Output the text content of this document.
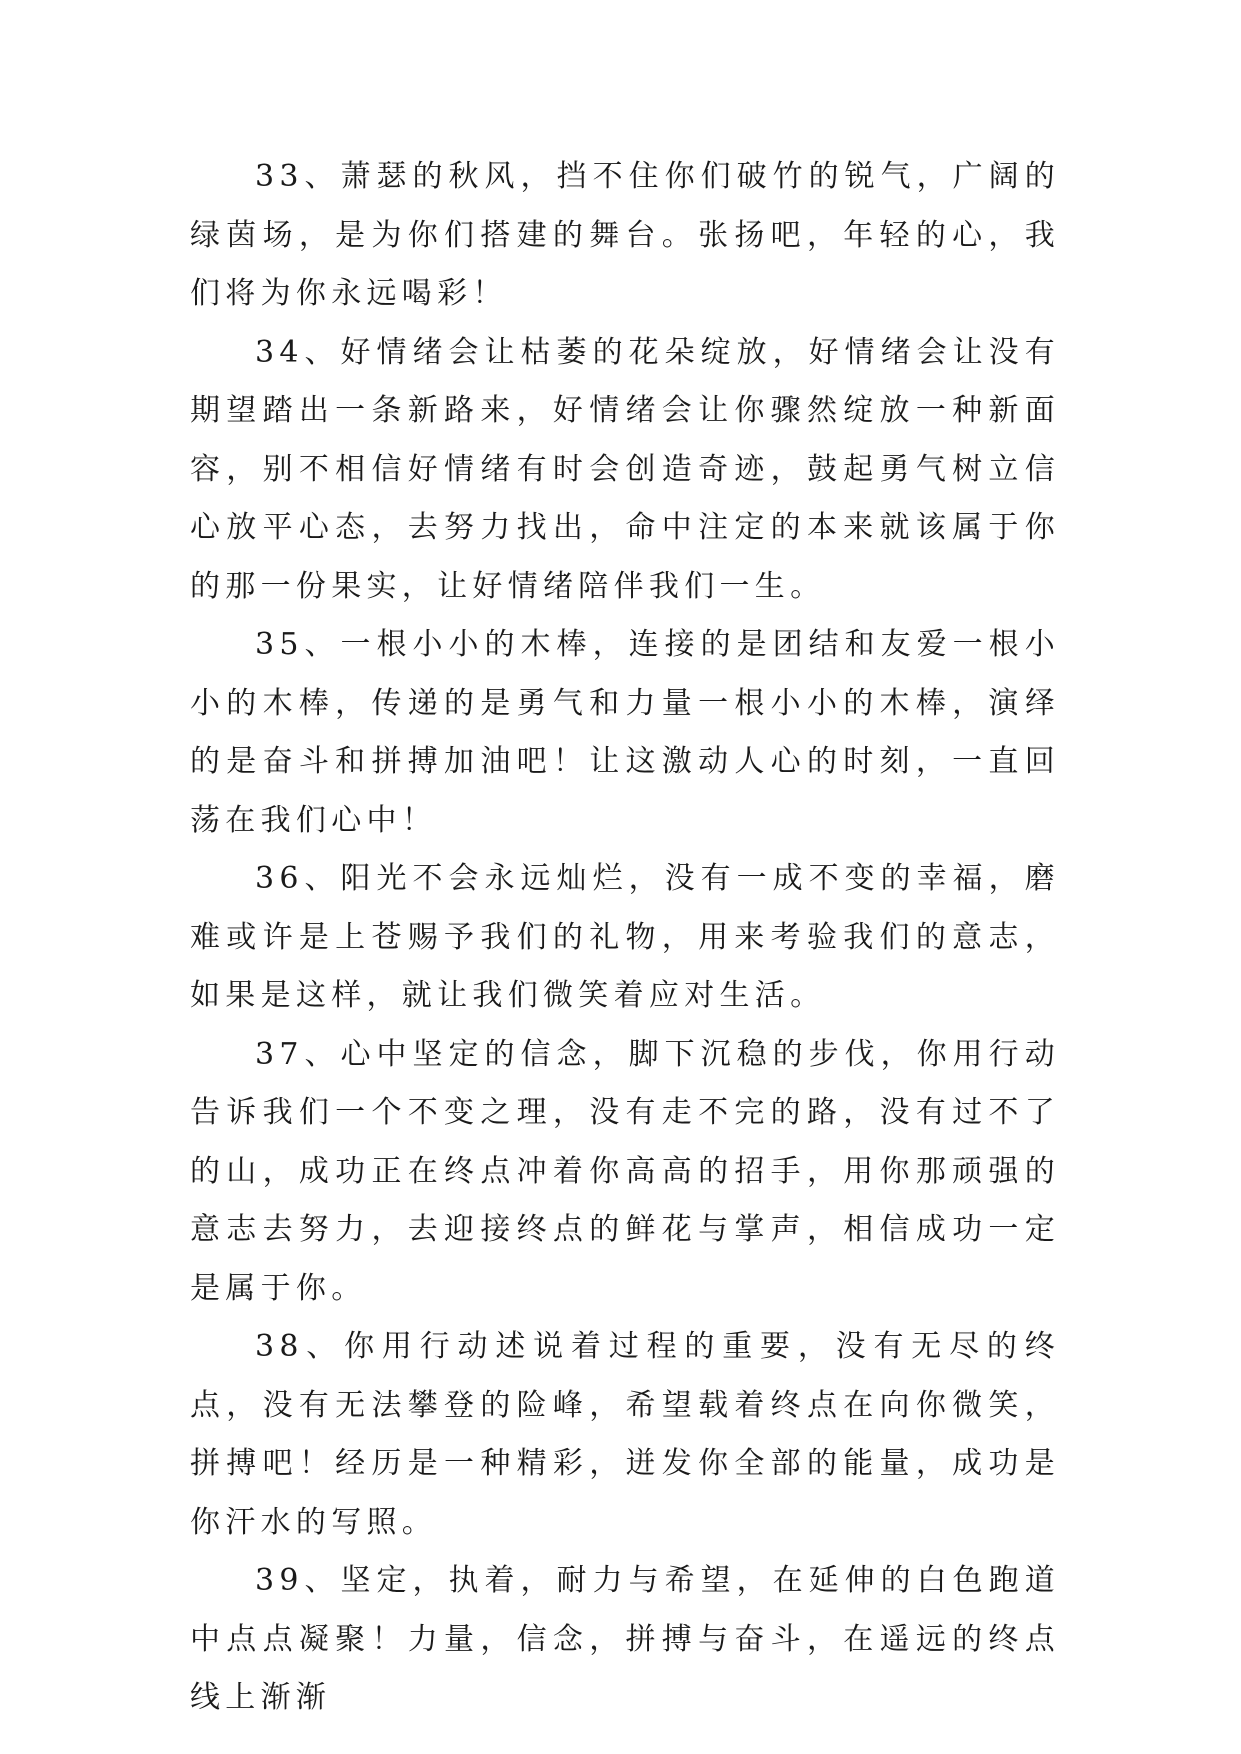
33、萧瑟的秋风，挡不住你们破竹的锐气，广阔的绿茵场，是为你们搭建的舞台。张扬吧，年轻的心，我们将为你永远喝彩！

34、好情绪会让枯萎的花朵绽放，好情绪会让没有期望踏出一条新路来，好情绪会让你骤然绽放一种新面容，别不相信好情绪有时会创造奇迹，鼓起勇气树立信心放平心态，去努力找出，命中注定的本来就该属于你的那一份果实，让好情绪陪伴我们一生。

35、一根小小的木棒，连接的是团结和友爱一根小小的木棒，传递的是勇气和力量一根小小的木棒，演绎的是奋斗和拼搏加油吧！让这激动人心的时刻，一直回荡在我们心中！

36、阳光不会永远灿烂，没有一成不变的幸福，磨难或许是上苍赐予我们的礼物，用来考验我们的意志，如果是这样，就让我们微笑着应对生活。

37、心中坚定的信念，脚下沉稳的步伐，你用行动告诉我们一个不变之理，没有走不完的路，没有过不了的山，成功正在终点冲着你高高的招手，用你那顽强的意志去努力，去迎接终点的鲜花与掌声，相信成功一定是属于你。

38、你用行动述说着过程的重要，没有无尽的终点，没有无法攀登的险峰，希望载着终点在向你微笑，拼搏吧！经历是一种精彩，迸发你全部的能量，成功是你汗水的写照。

39、坚定，执着，耐力与希望，在延伸的白色跑道中点点凝聚！力量，信念，拼搏与奋斗，在遥远的终点线上渐渐
